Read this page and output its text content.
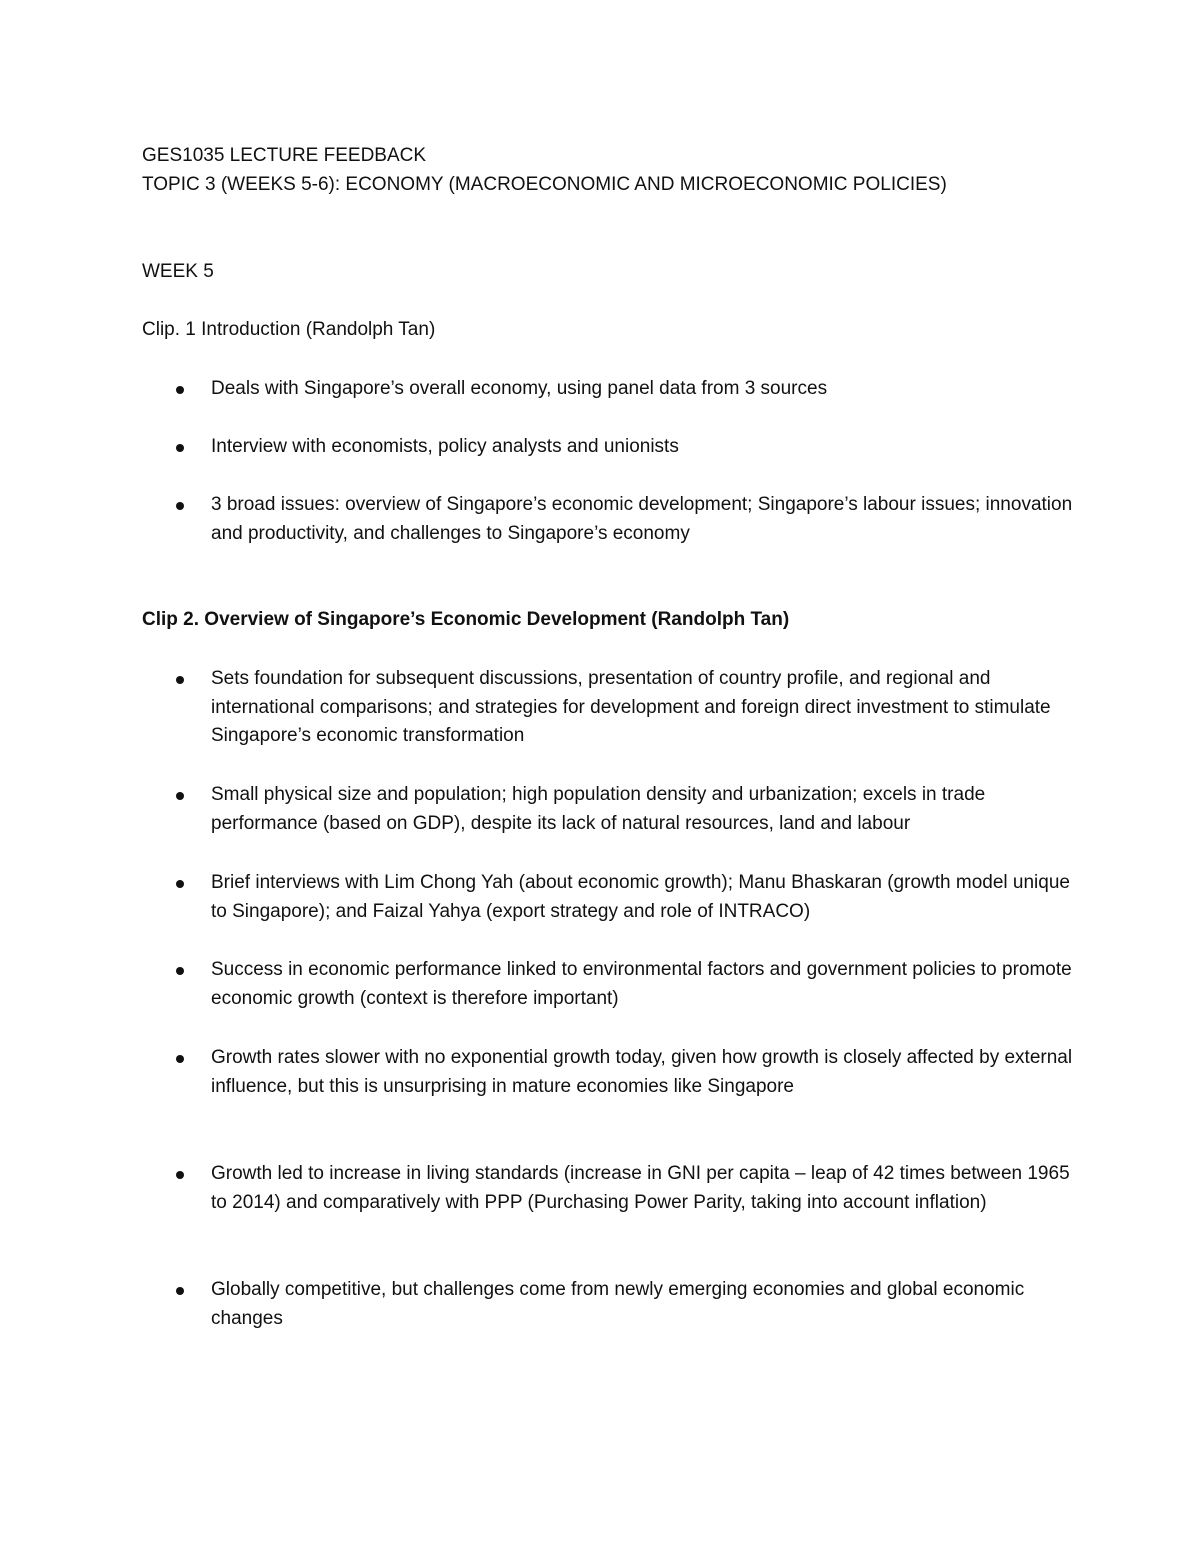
GES1035 LECTURE FEEDBACK
TOPIC 3 (WEEKS 5-6): ECONOMY (MACROECONOMIC AND MICROECONOMIC POLICIES)
WEEK 5
Clip. 1 Introduction (Randolph Tan)
Deals with Singapore’s overall economy, using panel data from 3 sources
Interview with economists, policy analysts and unionists
3 broad issues: overview of Singapore’s economic development; Singapore’s labour issues; innovation and productivity, and challenges to Singapore’s economy
Clip 2. Overview of Singapore’s Economic Development (Randolph Tan)
Sets foundation for subsequent discussions, presentation of country profile, and regional and international comparisons; and strategies for development and foreign direct investment to stimulate Singapore’s economic transformation
Small physical size and population; high population density and urbanization; excels in trade performance (based on GDP), despite its lack of natural resources, land and labour
Brief interviews with Lim Chong Yah (about economic growth); Manu Bhaskaran (growth model unique to Singapore); and Faizal Yahya (export strategy and role of INTRACO)
Success in economic performance linked to environmental factors and government policies to promote economic growth (context is therefore important)
Growth rates slower with no exponential growth today, given how growth is closely affected by external influence, but this is unsurprising in mature economies like Singapore
Growth led to increase in living standards (increase in GNI per capita – leap of 42 times between 1965 to 2014) and comparatively with PPP (Purchasing Power Parity, taking into account inflation)
Globally competitive, but challenges come from newly emerging economies and global economic changes
